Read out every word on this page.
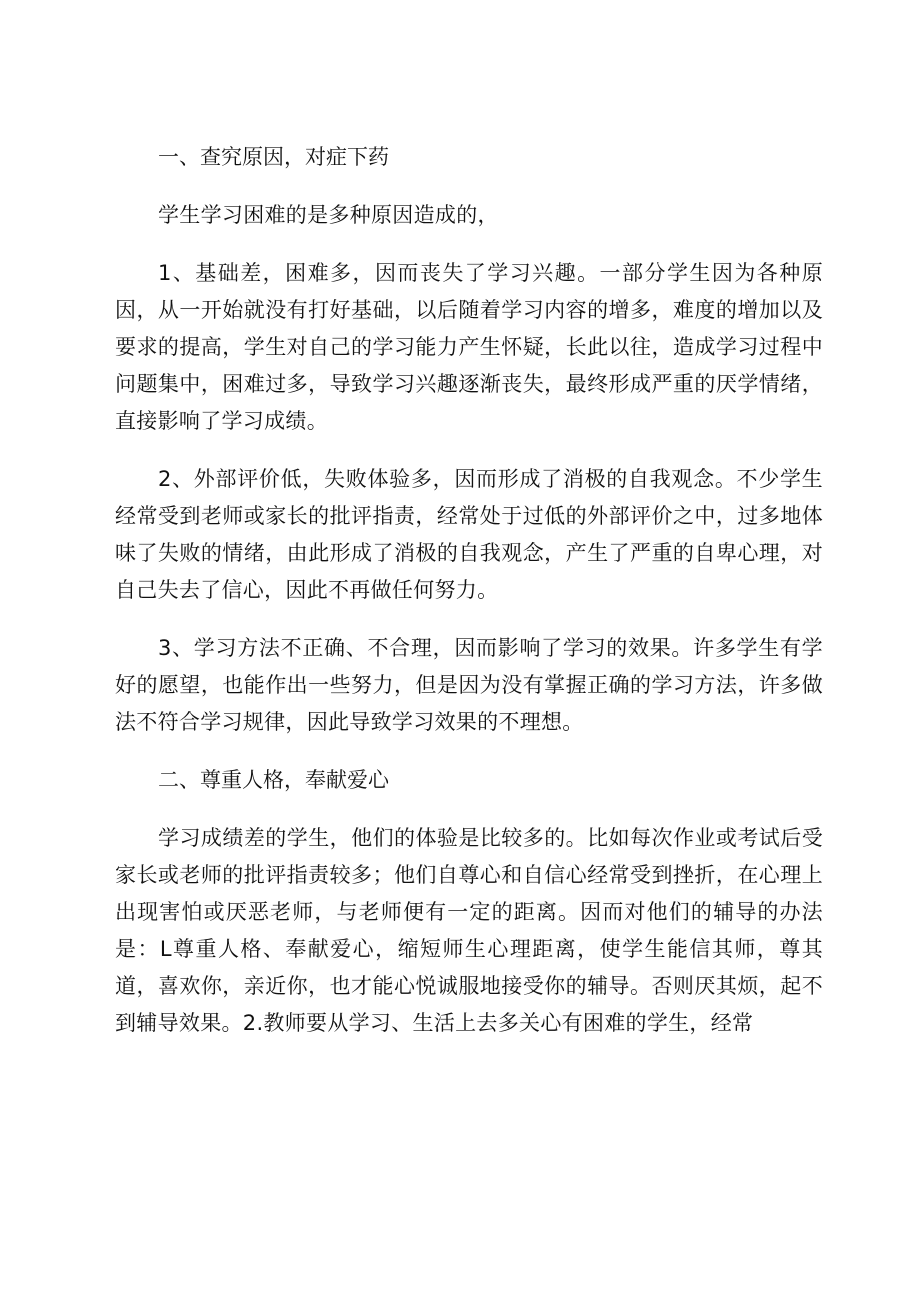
一、查究原因，对症下药

学生学习困难的是多种原因造成的，

1、基础差，困难多，因而丧失了学习兴趣。一部分学生因为各种原因，从一开始就没有打好基础，以后随着学习内容的增多，难度的增加以及要求的提高，学生对自己的学习能力产生怀疑，长此以往，造成学习过程中问题集中，困难过多，导致学习兴趣逐渐丧失，最终形成严重的厌学情绪，直接影响了学习成绩。

2、外部评价低，失败体验多，因而形成了消极的自我观念。不少学生经常受到老师或家长的批评指责，经常处于过低的外部评价之中，过多地体味了失败的情绪，由此形成了消极的自我观念，产生了严重的自卑心理，对自己失去了信心，因此不再做任何努力。

3、学习方法不正确、不合理，因而影响了学习的效果。许多学生有学好的愿望，也能作出一些努力，但是因为没有掌握正确的学习方法，许多做法不符合学习规律，因此导致学习效果的不理想。

二、尊重人格，奉献爱心

学习成绩差的学生，他们的体验是比较多的。比如每次作业或考试后受家长或老师的批评指责较多；他们自尊心和自信心经常受到挫折，在心理上出现害怕或厌恶老师，与老师便有一定的距离。因而对他们的辅导的办法是：L尊重人格、奉献爱心，缩短师生心理距离，使学生能信其师，尊其道，喜欢你，亲近你，也才能心悦诚服地接受你的辅导。否则厌其烦，起不到辅导效果。2.教师要从学习、生活上去多关心有困难的学生，经常
